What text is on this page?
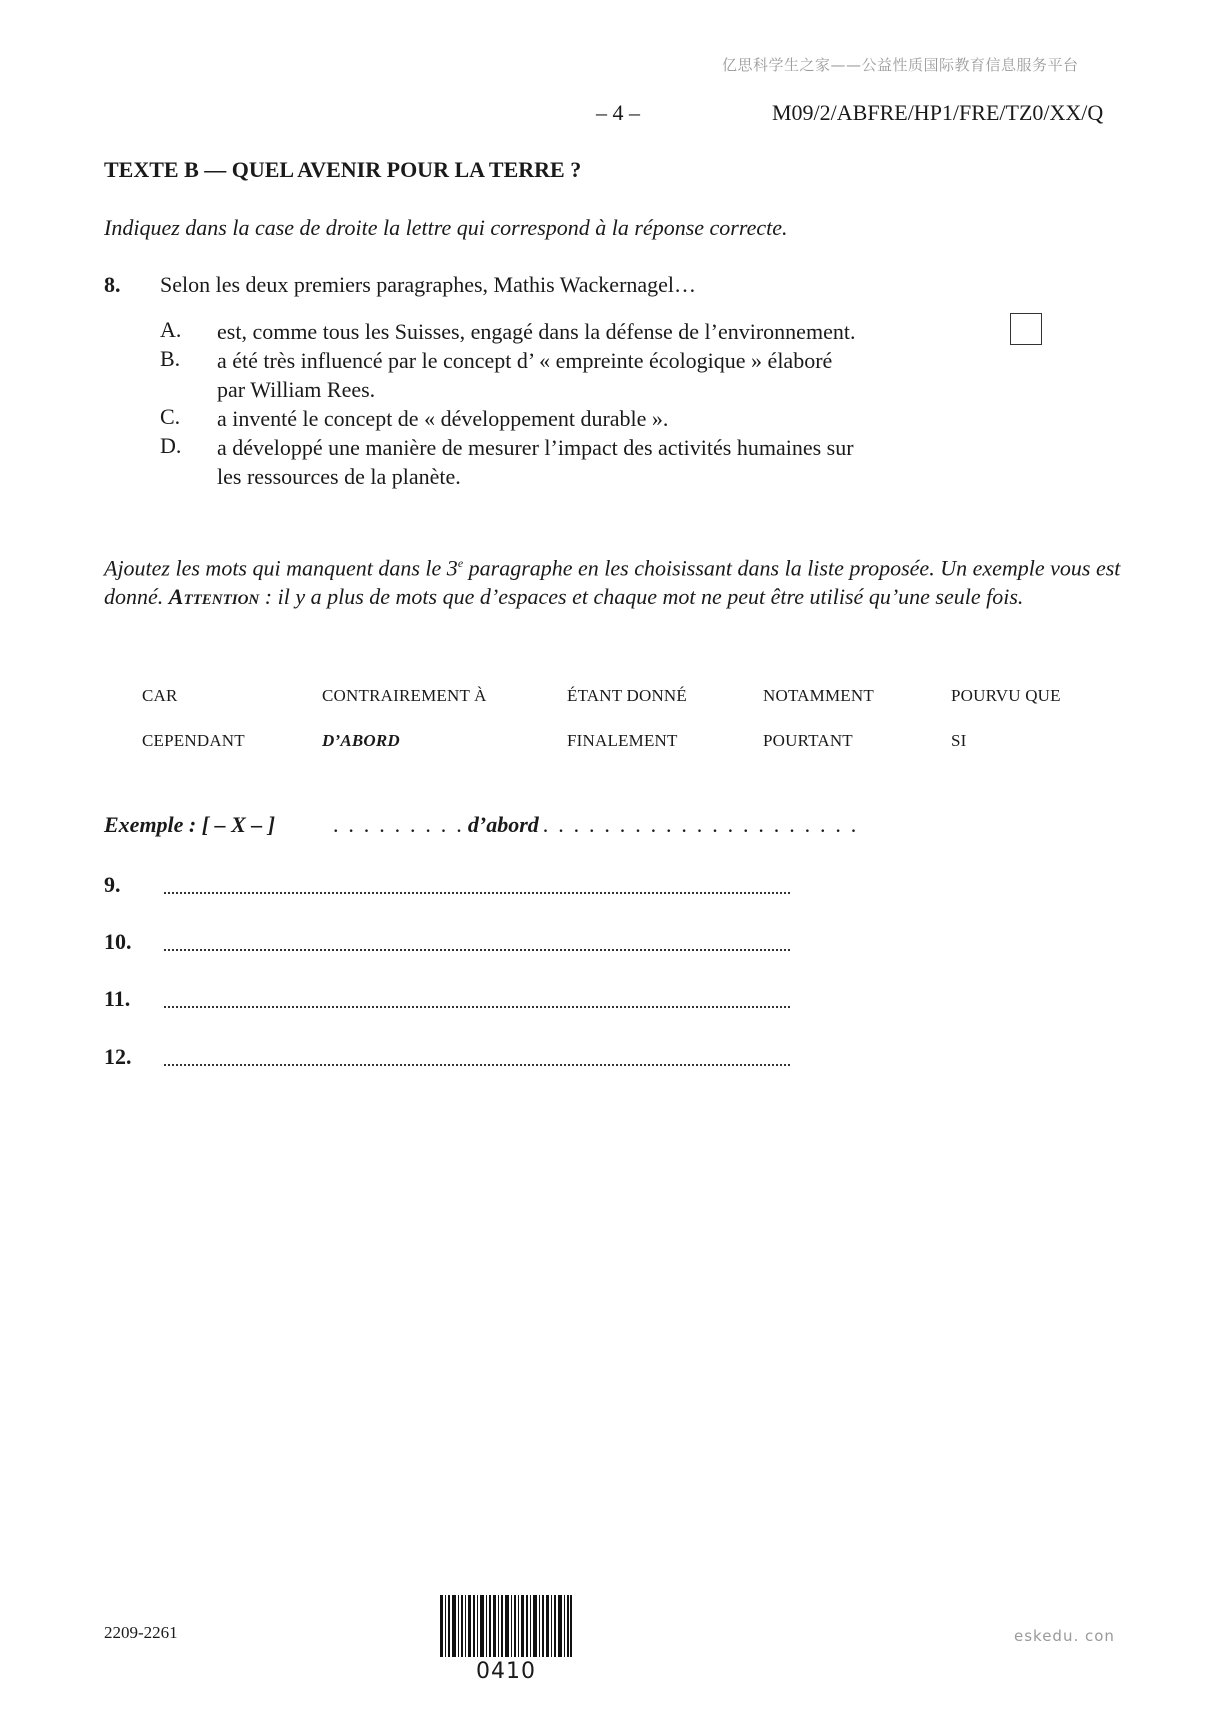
亿思科学生之家——公益性质国际教育信息服务平台
– 4 –	M09/2/ABFRE/HP1/FRE/TZ0/XX/Q
TEXTE B — QUEL AVENIR POUR LA TERRE ?
Indiquez dans la case de droite la lettre qui correspond à la réponse correcte.
8. Selon les deux premiers paragraphes, Mathis Wackernagel…
A. est, comme tous les Suisses, engagé dans la défense de l’environnement.
B. a été très influencé par le concept d’ « empreinte écologique » élaboré
par William Rees.
C. a inventé le concept de « développement durable ».
D. a développé une manière de mesurer l’impact des activités humaines sur
les ressources de la planète.
Ajoutez les mots qui manquent dans le 3e paragraphe en les choisissant dans la liste proposée. Un exemple vous est donné. Attention : il y a plus de mots que d’espaces et chaque mot ne peut être utilisé qu’une seule fois.
CAR	CONTRAIREMENT À	ÉTANT DONNÉ	NOTAMMENT	POURVU QUE
CEPENDANT	D’ABORD	FINALEMENT	POURTANT	SI
Exemple : [ – X – ]	. . . . . . . . . d’abord . . . . . . . . . . . . . . . . . . . . .
9.
10.
11.
12.
2209-2261
0410
eskedu. con
